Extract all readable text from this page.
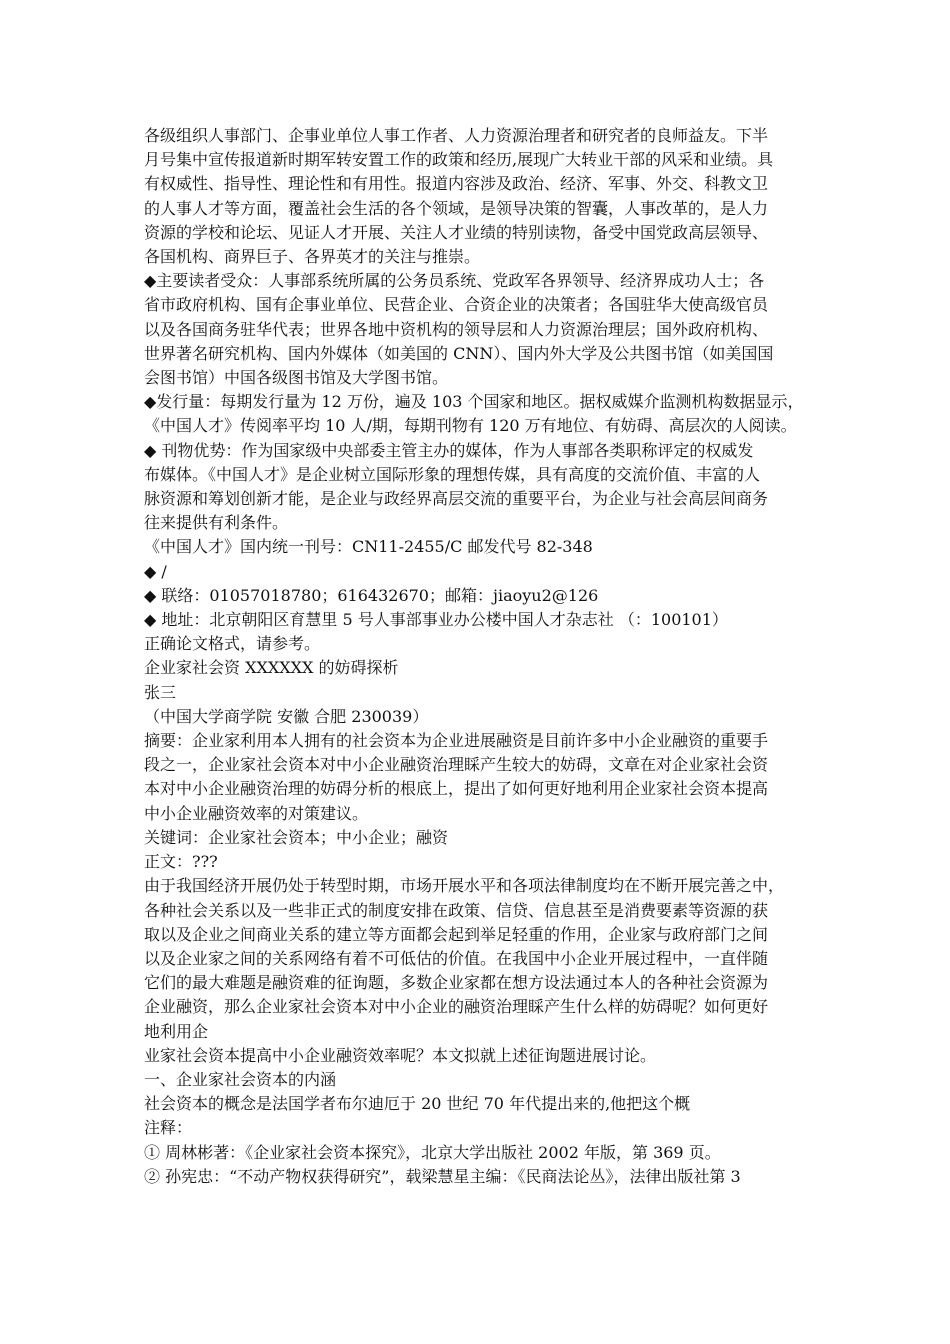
各级组织人事部门、企事业单位人事工作者、人力资源治理者和研究者的良师益友。下半
月号集中宣传报道新时期军转安置工作的政策和经历,展现广大转业干部的风采和业绩。具
有权威性、指导性、理论性和有用性。报道内容涉及政治、经济、军事、外交、科教文卫
的人事人才等方面，覆盖社会生活的各个领域，是领导决策的智囊，人事改革的，是人力
资源的学校和论坛、见证人才开展、关注人才业绩的特别读物，备受中国党政高层领导、
各国机构、商界巨子、各界英才的关注与推崇。
◆主要读者受众：人事部系统所属的公务员系统、党政军各界领导、经济界成功人士；各
省市政府机构、国有企事业单位、民营企业、合资企业的决策者；各国驻华大使高级官员
以及各国商务驻华代表；世界各地中资机构的领导层和人力资源治理层；国外政府机构、
世界著名研究机构、国内外媒体（如美国的 CNN）、国内外大学及公共图书馆（如美国国
会图书馆）中国各级图书馆及大学图书馆。
◆发行量：每期发行量为 12 万份，遍及 103 个国家和地区。据权威媒介监测机构数据显示，
《中国人才》传阅率平均 10 人/期，每期刊物有 120 万有地位、有妨碍、高层次的人阅读。
◆ 刊物优势：作为国家级中央部委主管主办的媒体，作为人事部各类职称评定的权威发
布媒体。《中国人才》是企业树立国际形象的理想传媒，具有高度的交流价值、丰富的人
脉资源和筹划创新才能，是企业与政经界高层交流的重要平台，为企业与社会高层间商务
往来提供有利条件。
《中国人才》国内统一刊号：CN11-2455/C 邮发代号 82-348
◆ /
◆ 联络：01057018780；616432670；邮箱：jiaoyu2@126
◆ 地址：北京朝阳区育慧里 5 号人事部事业办公楼中国人才杂志社 （：100101）
正确论文格式，请参考。
企业家社会资 XXXXXX 的妨碍探析
张三
（中国大学商学院 安徽 合肥 230039）
摘要：企业家利用本人拥有的社会资本为企业进展融资是目前许多中小企业融资的重要手
段之一，企业家社会资本对中小企业融资治理睬产生较大的妨碍，文章在对企业家社会资
本对中小企业融资治理的妨碍分析的根底上，提出了如何更好地利用企业家社会资本提高
中小企业融资效率的对策建议。
关键词：企业家社会资本；中小企业；融资
正文：???
由于我国经济开展仍处于转型时期，市场开展水平和各项法律制度均在不断开展完善之中，
各种社会关系以及一些非正式的制度安排在政策、信贷、信息甚至是消费要素等资源的获
取以及企业之间商业关系的建立等方面都会起到举足轻重的作用，企业家与政府部门之间
以及企业家之间的关系网络有着不可低估的价值。在我国中小企业开展过程中，一直伴随
它们的最大难题是融资难的征询题，多数企业家都在想方设法通过本人的各种社会资源为
企业融资，那么企业家社会资本对中小企业的融资治理睬产生什么样的妨碍呢？如何更好
地利用企
业家社会资本提高中小企业融资效率呢？本文拟就上述征询题进展讨论。
一、企业家社会资本的内涵
社会资本的概念是法国学者布尔迪厄于 20 世纪 70 年代提出来的,他把这个概
注释：
① 周林彬著：《企业家社会资本探究》，北京大学出版社 2002 年版，第 369 页。
② 孙宪忠：“不动产物权获得研究”，载梁慧星主编：《民商法论丛》，法律出版社第 3
